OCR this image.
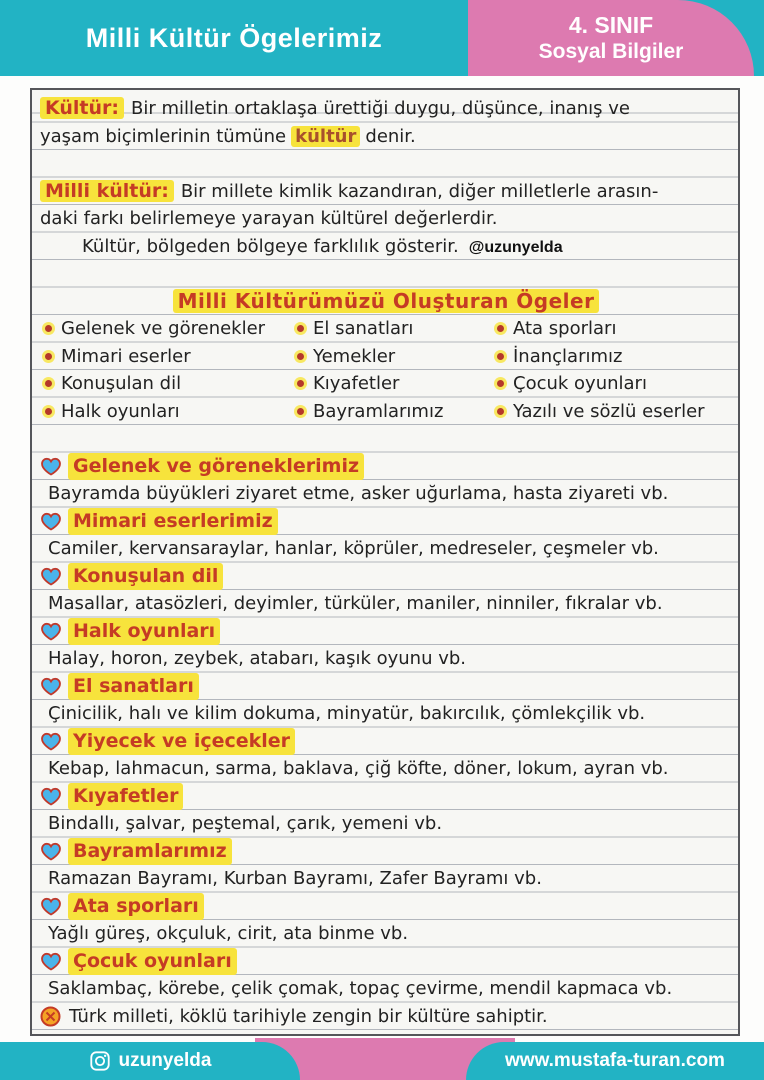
Milli Kültür Ögelerimiz	4. SINIF
Sosyal Bilgiler
Kültür: Bir milletin ortaklaşa ürettiği duygu, düşünce, inanış ve
yaşam biçimlerinin tümüne kültür denir.
Milli kültür: Bir millete kimlik kazandıran, diğer milletlerle arasın-
daki farkı belirlemeye yarayan kültürel değerlerdir.
Kültür, bölgeden bölgeye farklılık gösterir. @uzunyelda
Milli Kültürümüzü Oluşturan Ögeler
Gelenek ve görenekler
Mimari eserler
Konuşulan dil
Halk oyunları
El sanatları
Yemekler
Kıyafetler
Bayramlarımız
Ata sporları
İnançlarımız
Çocuk oyunları
Yazılı ve sözlü eserler
Gelenek ve göreneklerimiz
Bayramda büyükleri ziyaret etme, asker uğurlama, hasta ziyareti vb.
Mimari eserlerimiz
Camiler, kervansaraylar, hanlar, köprüler, medreseler, çeşmeler vb.
Konuşulan dil
Masallar, atasözleri, deyimler, türküler, maniler, ninniler, fıkralar vb.
Halk oyunları
Halay, horon, zeybek, atabarı, kaşık oyunu vb.
El sanatları
Çinicilik, halı ve kilim dokuma, minyatür, bakırcılık, çömlekçilik vb.
Yiyecek ve içecekler
Kebap, lahmacun, sarma, baklava, çiğ köfte, döner, lokum, ayran vb.
Kıyafetler
Bindallı, şalvar, peştemal, çarık, yemeni vb.
Bayramlarımız
Ramazan Bayramı, Kurban Bayramı, Zafer Bayramı vb.
Ata sporları
Yağlı güreş, okçuluk, cirit, ata binme vb.
Çocuk oyunları
Saklambaç, körebe, çelik çomak, topaç çevirme, mendil kapmaca vb.
Türk milleti, köklü tarihiyle zengin bir kültüre sahiptir.
uzunyelda	www.mustafa-turan.com
